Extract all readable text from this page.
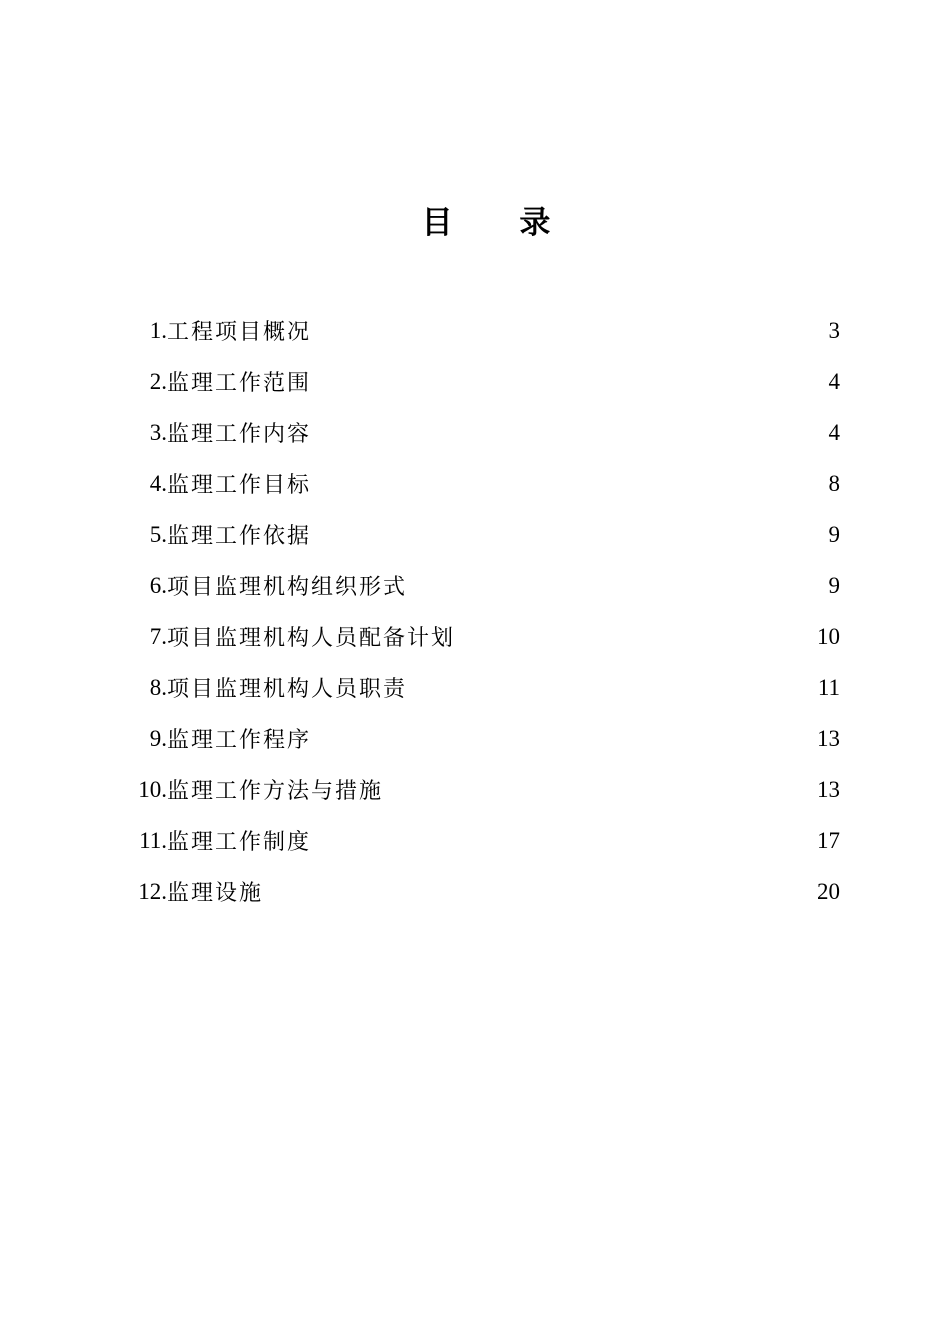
目 录
1. 工程项目概况	3
2. 监理工作范围	4
3. 监理工作内容	4
4. 监理工作目标	8
5. 监理工作依据	9
6. 项目监理机构组织形式	9
7. 项目监理机构人员配备计划	10
8. 项目监理机构人员职责	11
9. 监理工作程序	13
10. 监理工作方法与措施	13
11. 监理工作制度	17
12. 监理设施	20
